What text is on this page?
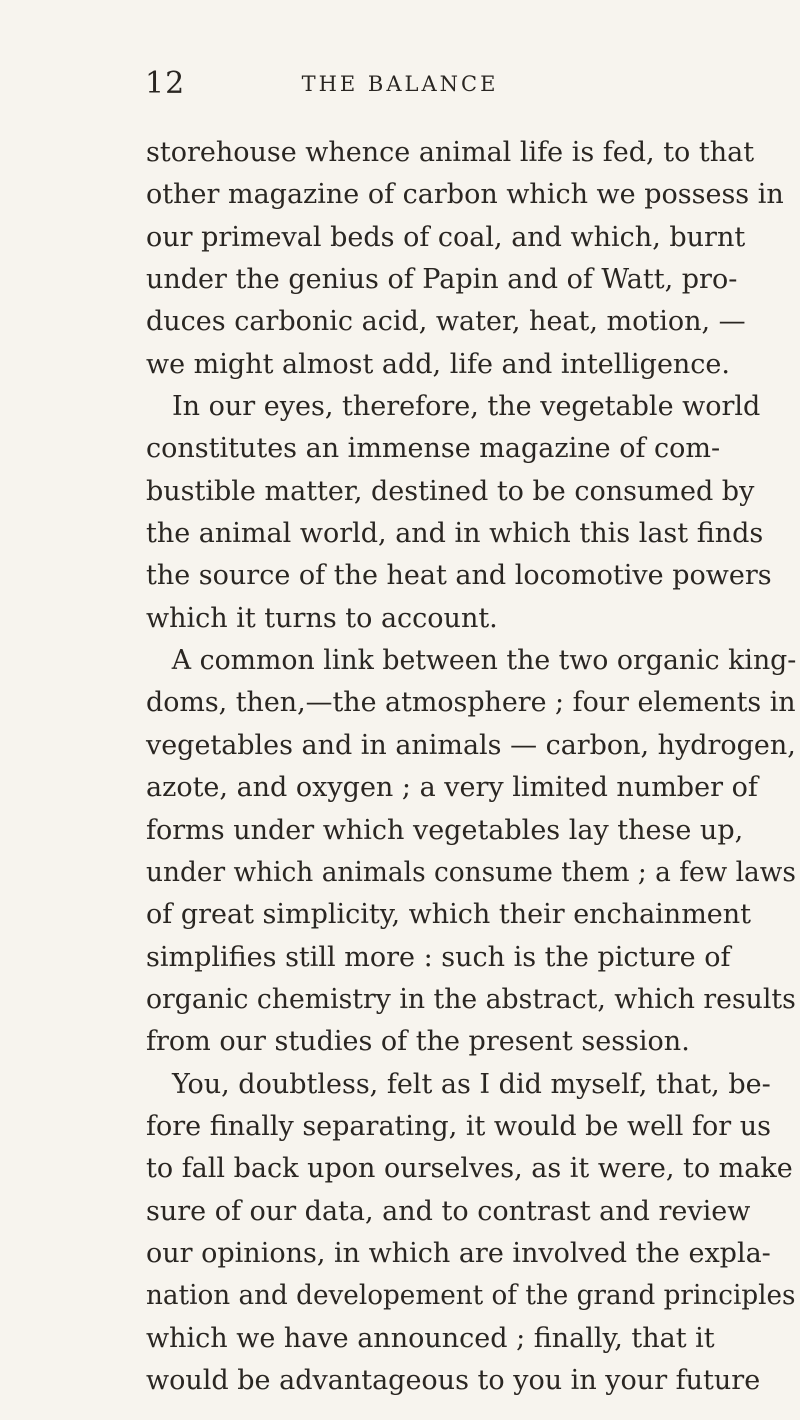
12	THE BALANCE
storehouse whence animal life is fed, to that
other magazine of carbon which we possess in
our primeval beds of coal, and which, burnt
under the genius of Papin and of Watt, pro-
duces carbonic acid, water, heat, motion, —
we might almost add, life and intelligence.
In our eyes, therefore, the vegetable world
constitutes an immense magazine of com-
bustible matter, destined to be consumed by
the animal world, and in which this last finds
the source of the heat and locomotive powers
which it turns to account.
A common link between the two organic king-
doms, then,—the atmosphere ; four elements in
vegetables and in animals — carbon, hydrogen,
azote, and oxygen ; a very limited number of
forms under which vegetables lay these up,
under which animals consume them ; a few laws
of great simplicity, which their enchainment
simplifies still more : such is the picture of
organic chemistry in the abstract, which results
from our studies of the present session.
You, doubtless, felt as I did myself, that, be-
fore finally separating, it would be well for us
to fall back upon ourselves, as it were, to make
sure of our data, and to contrast and review
our opinions, in which are involved the expla-
nation and developement of the grand principles
which we have announced ; finally, that it
would be advantageous to you in your future
